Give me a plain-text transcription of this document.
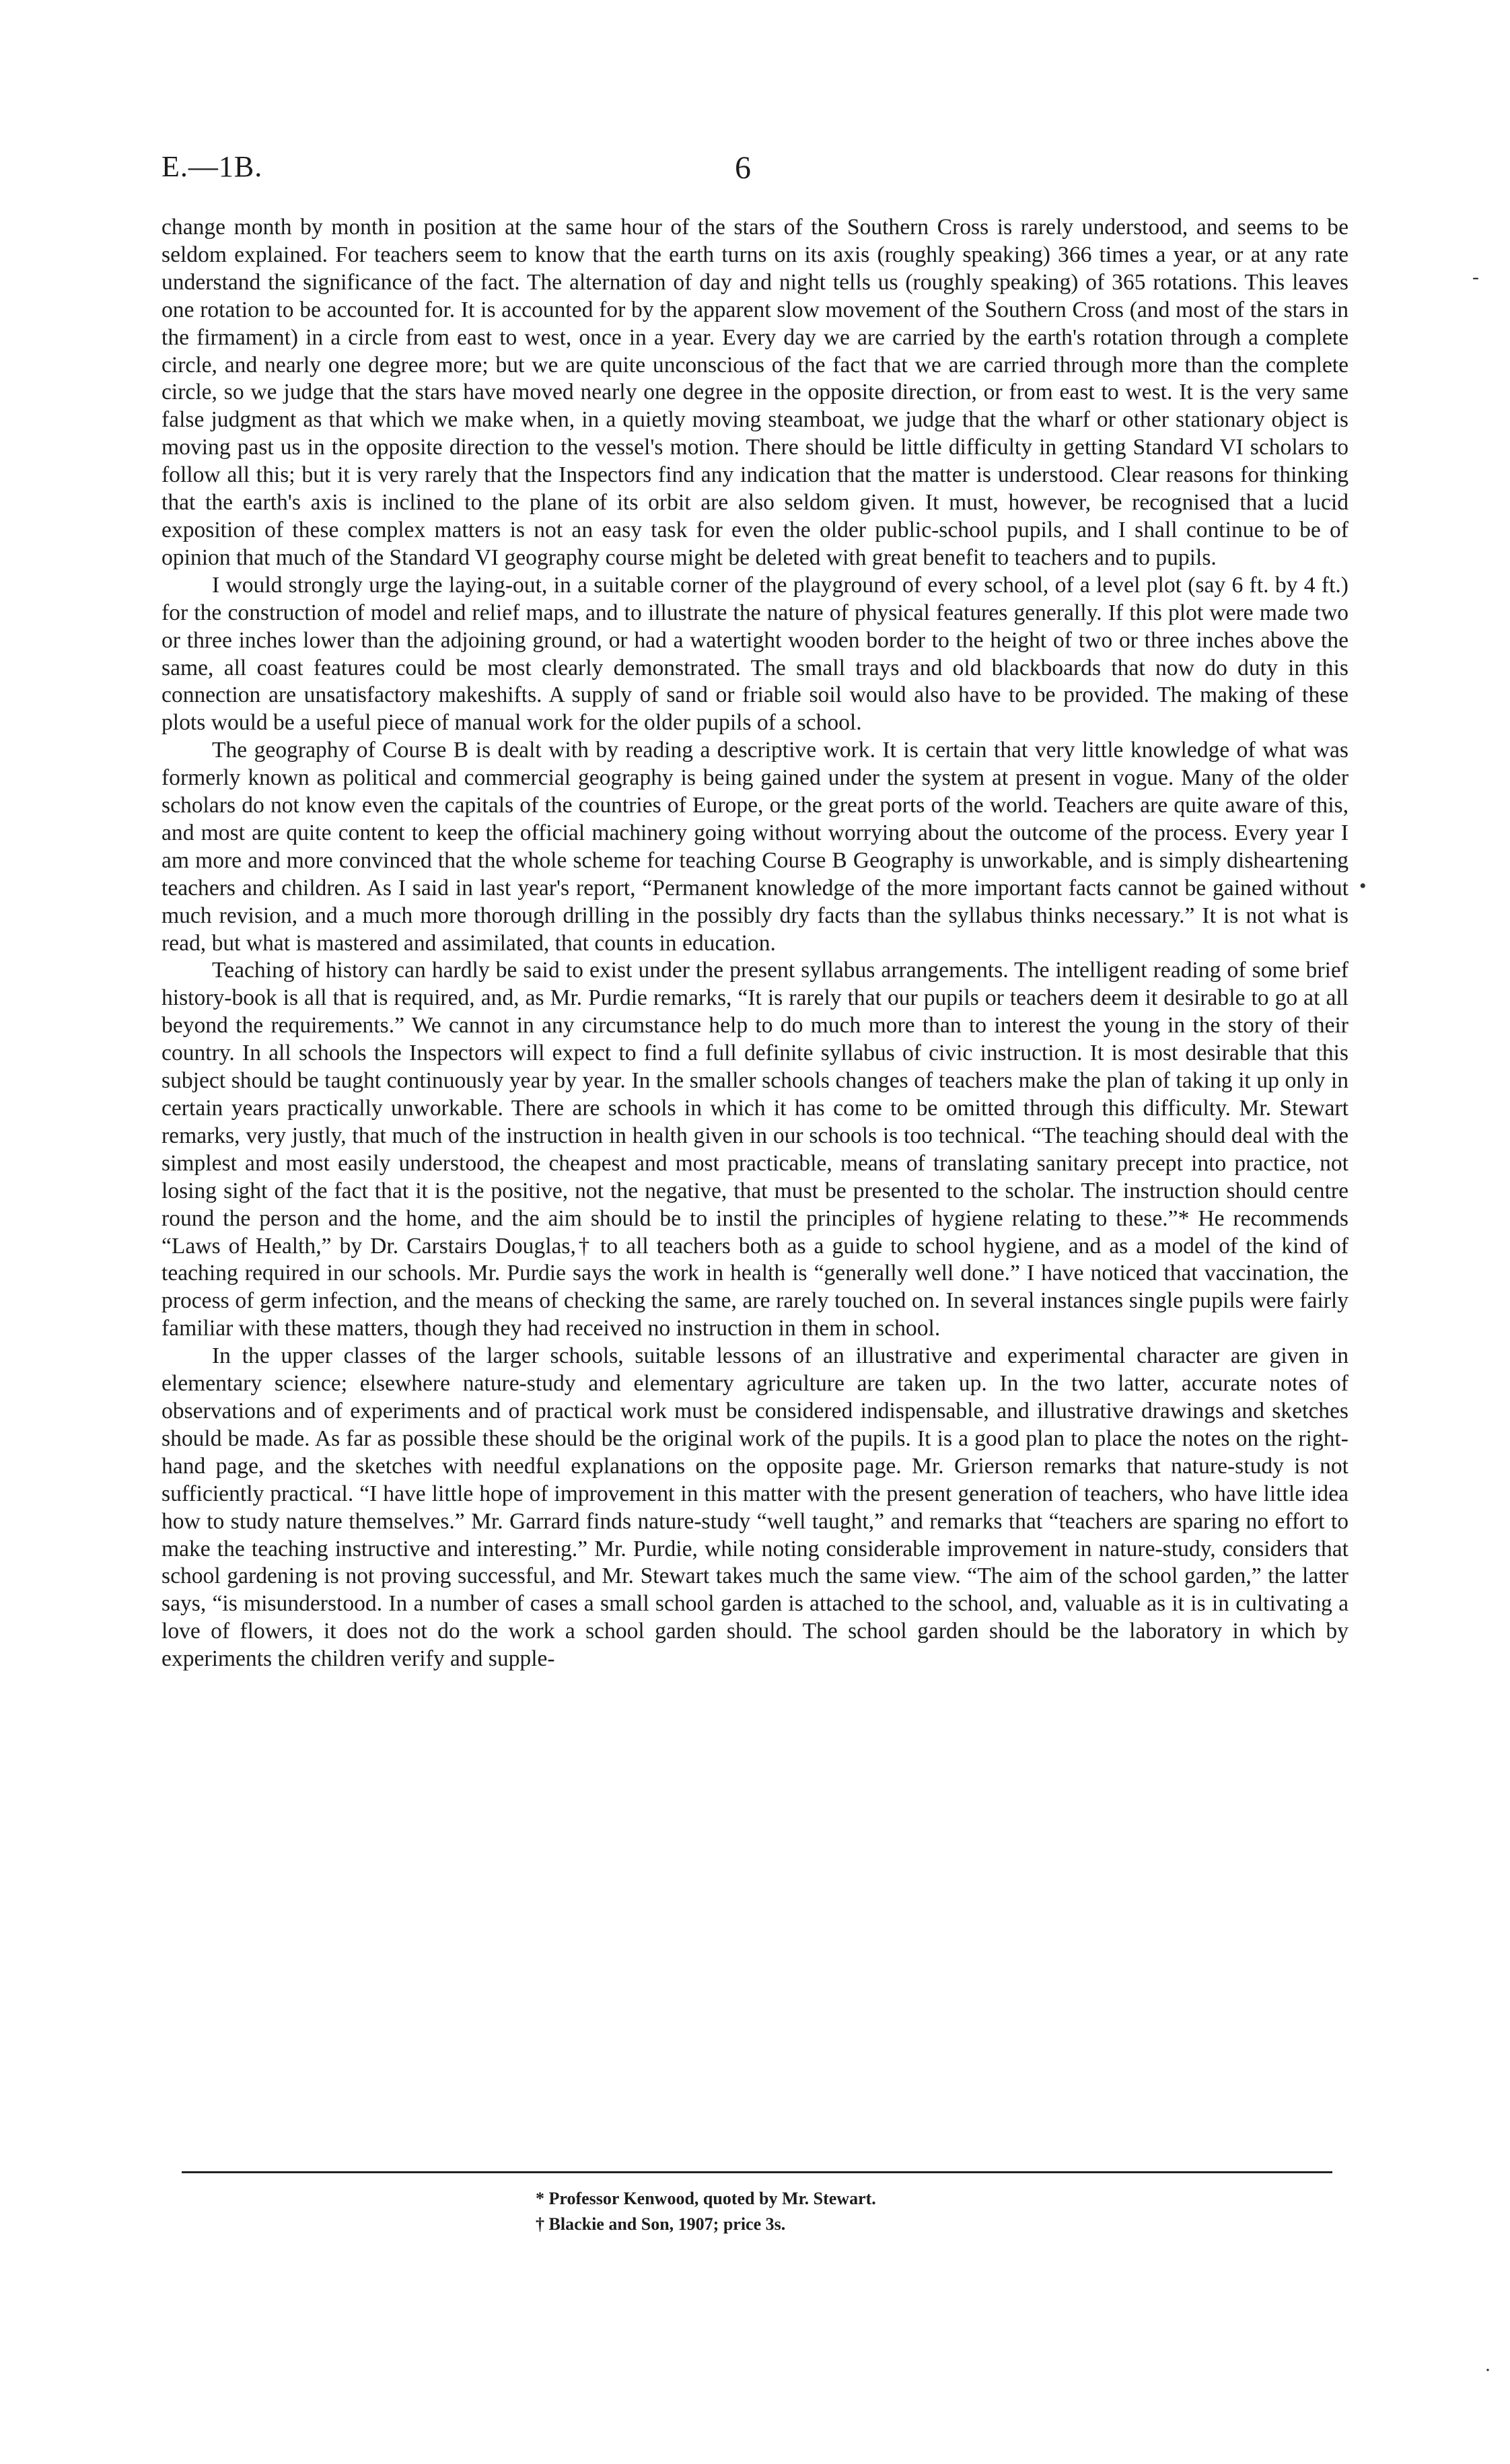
E.—1B.	6

change month by month in position at the same hour of the stars of the Southern Cross is rarely understood, and seems to be seldom explained. For teachers seem to know that the earth turns on its axis (roughly speaking) 366 times a year, or at any rate understand the significance of the fact. The alternation of day and night tells us (roughly speaking) of 365 rotations. This leaves one rotation to be accounted for. It is accounted for by the apparent slow movement of the Southern Cross (and most of the stars in the firmament) in a circle from east to west, once in a year. Every day we are carried by the earth's rotation through a complete circle, and nearly one degree more; but we are quite unconscious of the fact that we are carried through more than the complete circle, so we judge that the stars have moved nearly one degree in the opposite direction, or from east to west. It is the very same false judgment as that which we make when, in a quietly moving steamboat, we judge that the wharf or other stationary object is moving past us in the opposite direction to the vessel's motion. There should be little difficulty in getting Standard VI scholars to follow all this; but it is very rarely that the Inspectors find any indication that the matter is understood. Clear reasons for thinking that the earth's axis is inclined to the plane of its orbit are also seldom given. It must, however, be recognised that a lucid exposition of these complex matters is not an easy task for even the older public-school pupils, and I shall continue to be of opinion that much of the Standard VI geography course might be deleted with great benefit to teachers and to pupils.

I would strongly urge the laying-out, in a suitable corner of the playground of every school, of a level plot (say 6 ft. by 4 ft.) for the construction of model and relief maps, and to illustrate the nature of physical features generally. If this plot were made two or three inches lower than the adjoining ground, or had a watertight wooden border to the height of two or three inches above the same, all coast features could be most clearly demonstrated. The small trays and old blackboards that now do duty in this connection are unsatisfactory makeshifts. A supply of sand or friable soil would also have to be provided. The making of these plots would be a useful piece of manual work for the older pupils of a school.

The geography of Course B is dealt with by reading a descriptive work. It is certain that very little knowledge of what was formerly known as political and commercial geography is being gained under the system at present in vogue. Many of the older scholars do not know even the capitals of the countries of Europe, or the great ports of the world. Teachers are quite aware of this, and most are quite content to keep the official machinery going without worrying about the outcome of the process. Every year I am more and more convinced that the whole scheme for teaching Course B Geography is unworkable, and is simply disheartening teachers and children. As I said in last year's report, “Permanent knowledge of the more important facts cannot be gained without much revision, and a much more thorough drilling in the possibly dry facts than the syllabus thinks necessary.” It is not what is read, but what is mastered and assimilated, that counts in education.

Teaching of history can hardly be said to exist under the present syllabus arrangements. The intelligent reading of some brief history-book is all that is required, and, as Mr. Purdie remarks, “It is rarely that our pupils or teachers deem it desirable to go at all beyond the requirements.” We cannot in any circumstance help to do much more than to interest the young in the story of their country. In all schools the Inspectors will expect to find a full definite syllabus of civic instruction. It is most desirable that this subject should be taught continuously year by year. In the smaller schools changes of teachers make the plan of taking it up only in certain years practically unworkable. There are schools in which it has come to be omitted through this difficulty. Mr. Stewart remarks, very justly, that much of the instruction in health given in our schools is too technical. “The teaching should deal with the simplest and most easily understood, the cheapest and most practicable, means of translating sanitary precept into practice, not losing sight of the fact that it is the positive, not the negative, that must be presented to the scholar. The instruction should centre round the person and the home, and the aim should be to instil the principles of hygiene relating to these.”* He recommends “Laws of Health,” by Dr. Carstairs Douglas,† to all teachers both as a guide to school hygiene, and as a model of the kind of teaching required in our schools. Mr. Purdie says the work in health is “generally well done.” I have noticed that vaccination, the process of germ infection, and the means of checking the same, are rarely touched on. In several instances single pupils were fairly familiar with these matters, though they had received no instruction in them in school.

In the upper classes of the larger schools, suitable lessons of an illustrative and experimental character are given in elementary science; elsewhere nature-study and elementary agriculture are taken up. In the two latter, accurate notes of observations and of experiments and of practical work must be considered indispensable, and illustrative drawings and sketches should be made. As far as possible these should be the original work of the pupils. It is a good plan to place the notes on the right-hand page, and the sketches with needful explanations on the opposite page. Mr. Grierson remarks that nature-study is not sufficiently practical. “I have little hope of improvement in this matter with the present generation of teachers, who have little idea how to study nature themselves.” Mr. Garrard finds nature-study “well taught,” and remarks that “teachers are sparing no effort to make the teaching instructive and interesting.” Mr. Purdie, while noting considerable improvement in nature-study, considers that school gardening is not proving successful, and Mr. Stewart takes much the same view. “The aim of the school garden,” the latter says, “is misunderstood. In a number of cases a small school garden is attached to the school, and, valuable as it is in cultivating a love of flowers, it does not do the work a school garden should. The school garden should be the laboratory in which by experiments the children verify and supple-

* Professor Kenwood, quoted by Mr. Stewart.
† Blackie and Son, 1907; price 3s.
-
•
·
